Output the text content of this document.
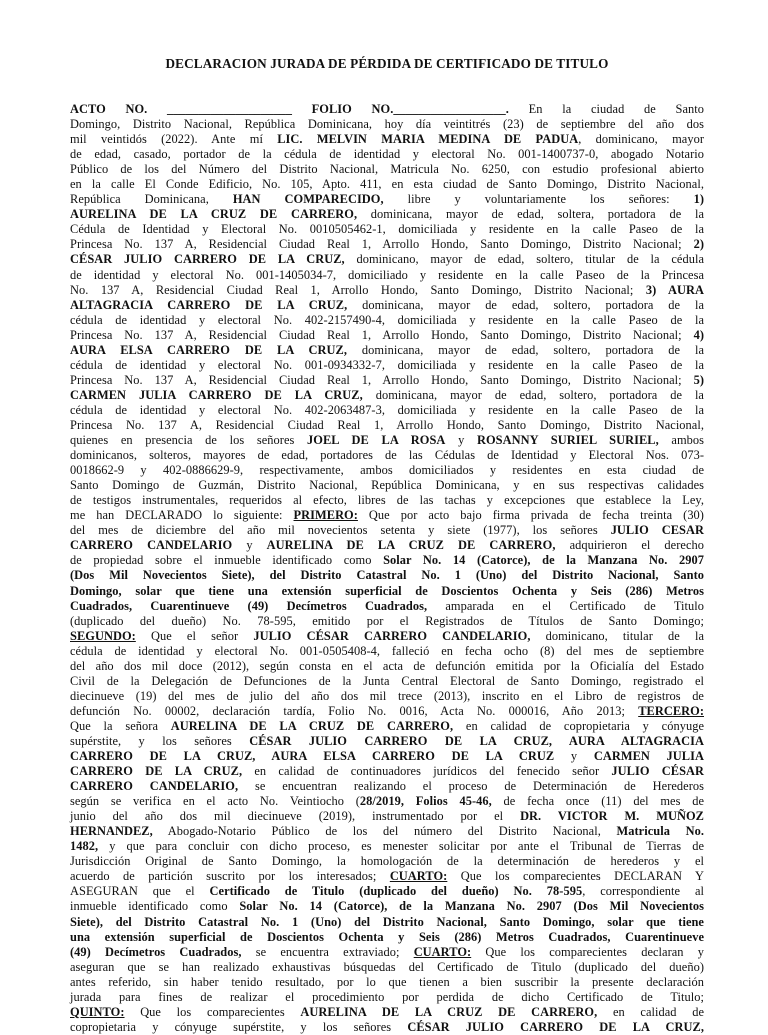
DECLARACION JURADA DE PÉRDIDA DE CERTIFICADO DE TITULO
ACTO NO. ____________________ FOLIO NO.__________________. En la ciudad de Santo
Domingo, Distrito Nacional, República Dominicana, hoy día veintitrés (23) de septiembre del año dos
mil veintidós (2022). Ante mí LIC. MELVIN MARIA MEDINA DE PADUA, dominicano, mayor
de edad, casado, portador de la cédula de identidad y electoral No. 001-1400737-0, abogado Notario
Público de los del Número del Distrito Nacional, Matricula No. 6250, con estudio profesional abierto
en la calle El Conde Edificio, No. 105, Apto. 411, en esta ciudad de Santo Domingo, Distrito Nacional,
República Dominicana, HAN COMPARECIDO, libre y voluntariamente los señores: 1)
AURELINA DE LA CRUZ DE CARRERO, dominicana, mayor de edad, soltera, portadora de la
Cédula de Identidad y Electoral No. 0010505462-1, domiciliada y residente en la calle Paseo de la
Princesa No. 137 A, Residencial Ciudad Real 1, Arrollo Hondo, Santo Domingo, Distrito Nacional; 2)
CÉSAR JULIO CARRERO DE LA CRUZ, dominicano, mayor de edad, soltero, titular de la cédula
de identidad y electoral No. 001-1405034-7, domiciliado y residente en la calle Paseo de la Princesa
No. 137 A, Residencial Ciudad Real 1, Arrollo Hondo, Santo Domingo, Distrito Nacional; 3) AURA
ALTAGRACIA CARRERO DE LA CRUZ, dominicana, mayor de edad, soltero, portadora de la
cédula de identidad y electoral No. 402-2157490-4, domiciliada y residente en la calle Paseo de la
Princesa No. 137 A, Residencial Ciudad Real 1, Arrollo Hondo, Santo Domingo, Distrito Nacional; 4)
AURA ELSA CARRERO DE LA CRUZ, dominicana, mayor de edad, soltero, portadora de la
cédula de identidad y electoral No. 001-0934332-7, domiciliada y residente en la calle Paseo de la
Princesa No. 137 A, Residencial Ciudad Real 1, Arrollo Hondo, Santo Domingo, Distrito Nacional; 5)
CARMEN JULIA CARRERO DE LA CRUZ, dominicana, mayor de edad, soltero, portadora de la
cédula de identidad y electoral No. 402-2063487-3, domiciliada y residente en la calle Paseo de la
Princesa No. 137 A, Residencial Ciudad Real 1, Arrollo Hondo, Santo Domingo, Distrito Nacional,
quienes en presencia de los señores JOEL DE LA ROSA y ROSANNY SURIEL SURIEL, ambos
dominicanos, solteros, mayores de edad, portadores de las Cédulas de Identidad y Electoral Nos. 073-
0018662-9 y 402-0886629-9, respectivamente, ambos domiciliados y residentes en esta ciudad de
Santo Domingo de Guzmán, Distrito Nacional, República Dominicana, y en sus respectivas calidades
de testigos instrumentales, requeridos al efecto, libres de las tachas y excepciones que establece la Ley,
me han DECLARADO lo siguiente: PRIMERO: Que por acto bajo firma privada de fecha treinta (30)
del mes de diciembre del año mil novecientos setenta y siete (1977), los señores JULIO CESAR
CARRERO CANDELARIO y AURELINA DE LA CRUZ DE CARRERO, adquirieron el derecho
de propiedad sobre el inmueble identificado como Solar No. 14 (Catorce), de la Manzana No. 2907
(Dos Mil Novecientos Siete), del Distrito Catastral No. 1 (Uno) del Distrito Nacional, Santo
Domingo, solar que tiene una extensión superficial de Doscientos Ochenta y Seis (286) Metros
Cuadrados, Cuarentinueve (49) Decímetros Cuadrados, amparada en el Certificado de Titulo
(duplicado del dueño) No. 78-595, emitido por el Registrados de Títulos de Santo Domingo;
SEGUNDO: Que el señor JULIO CÉSAR CARRERO CANDELARIO, dominicano, titular de la
cédula de identidad y electoral No. 001-0505408-4, falleció en fecha ocho (8) del mes de septiembre
del año dos mil doce (2012), según consta en el acta de defunción emitida por la Oficialía del Estado
Civil de la Delegación de Defunciones de la Junta Central Electoral de Santo Domingo, registrado el
diecinueve (19) del mes de julio del año dos mil trece (2013), inscrito en el Libro de registros de
defunción No. 00002, declaración tardía, Folio No. 0016, Acta No. 000016, Año 2013; TERCERO:
Que la señora AURELINA DE LA CRUZ DE CARRERO, en calidad de copropietaria y cónyuge
supérstite, y los señores CÉSAR JULIO CARRERO DE LA CRUZ, AURA ALTAGRACIA
CARRERO DE LA CRUZ, AURA ELSA CARRERO DE LA CRUZ y CARMEN JULIA
CARRERO DE LA CRUZ, en calidad de continuadores jurídicos del fenecido señor JULIO CÉSAR
CARRERO CANDELARIO, se encuentran realizando el proceso de Determinación de Herederos
según se verifica en el acto No. Veintiocho (28/2019, Folios 45-46, de fecha once (11) del mes de
junio del año dos mil diecinueve (2019), instrumentado por el DR. VICTOR M. MUÑOZ
HERNANDEZ, Abogado-Notario Público de los del número del Distrito Nacional, Matricula No.
1482, y que para concluir con dicho proceso, es menester solicitar por ante el Tribunal de Tierras de
Jurisdicción Original de Santo Domingo, la homologación de la determinación de herederos y el
acuerdo de partición suscrito por los interesados; CUARTO: Que los comparecientes DECLARAN Y
ASEGURAN que el Certificado de Titulo (duplicado del dueño) No. 78-595, correspondiente al
inmueble identificado como Solar No. 14 (Catorce), de la Manzana No. 2907 (Dos Mil Novecientos
Siete), del Distrito Catastral No. 1 (Uno) del Distrito Nacional, Santo Domingo, solar que tiene
una extensión superficial de Doscientos Ochenta y Seis (286) Metros Cuadrados, Cuarentinueve
(49) Decímetros Cuadrados, se encuentra extraviado; CUARTO: Que los comparecientes declaran y
aseguran que se han realizado exhaustivas búsquedas del Certificado de Titulo (duplicado del dueño)
antes referido, sin haber tenido resultado, por lo que tienen a bien suscribir la presente declaración
jurada para fines de realizar el procedimiento por perdida de dicho Certificado de Titulo;
QUINTO: Que los comparecientes AURELINA DE LA CRUZ DE CARRERO, en calidad de
copropietaria y cónyuge supérstite, y los señores CÉSAR JULIO CARRERO DE LA CRUZ,
